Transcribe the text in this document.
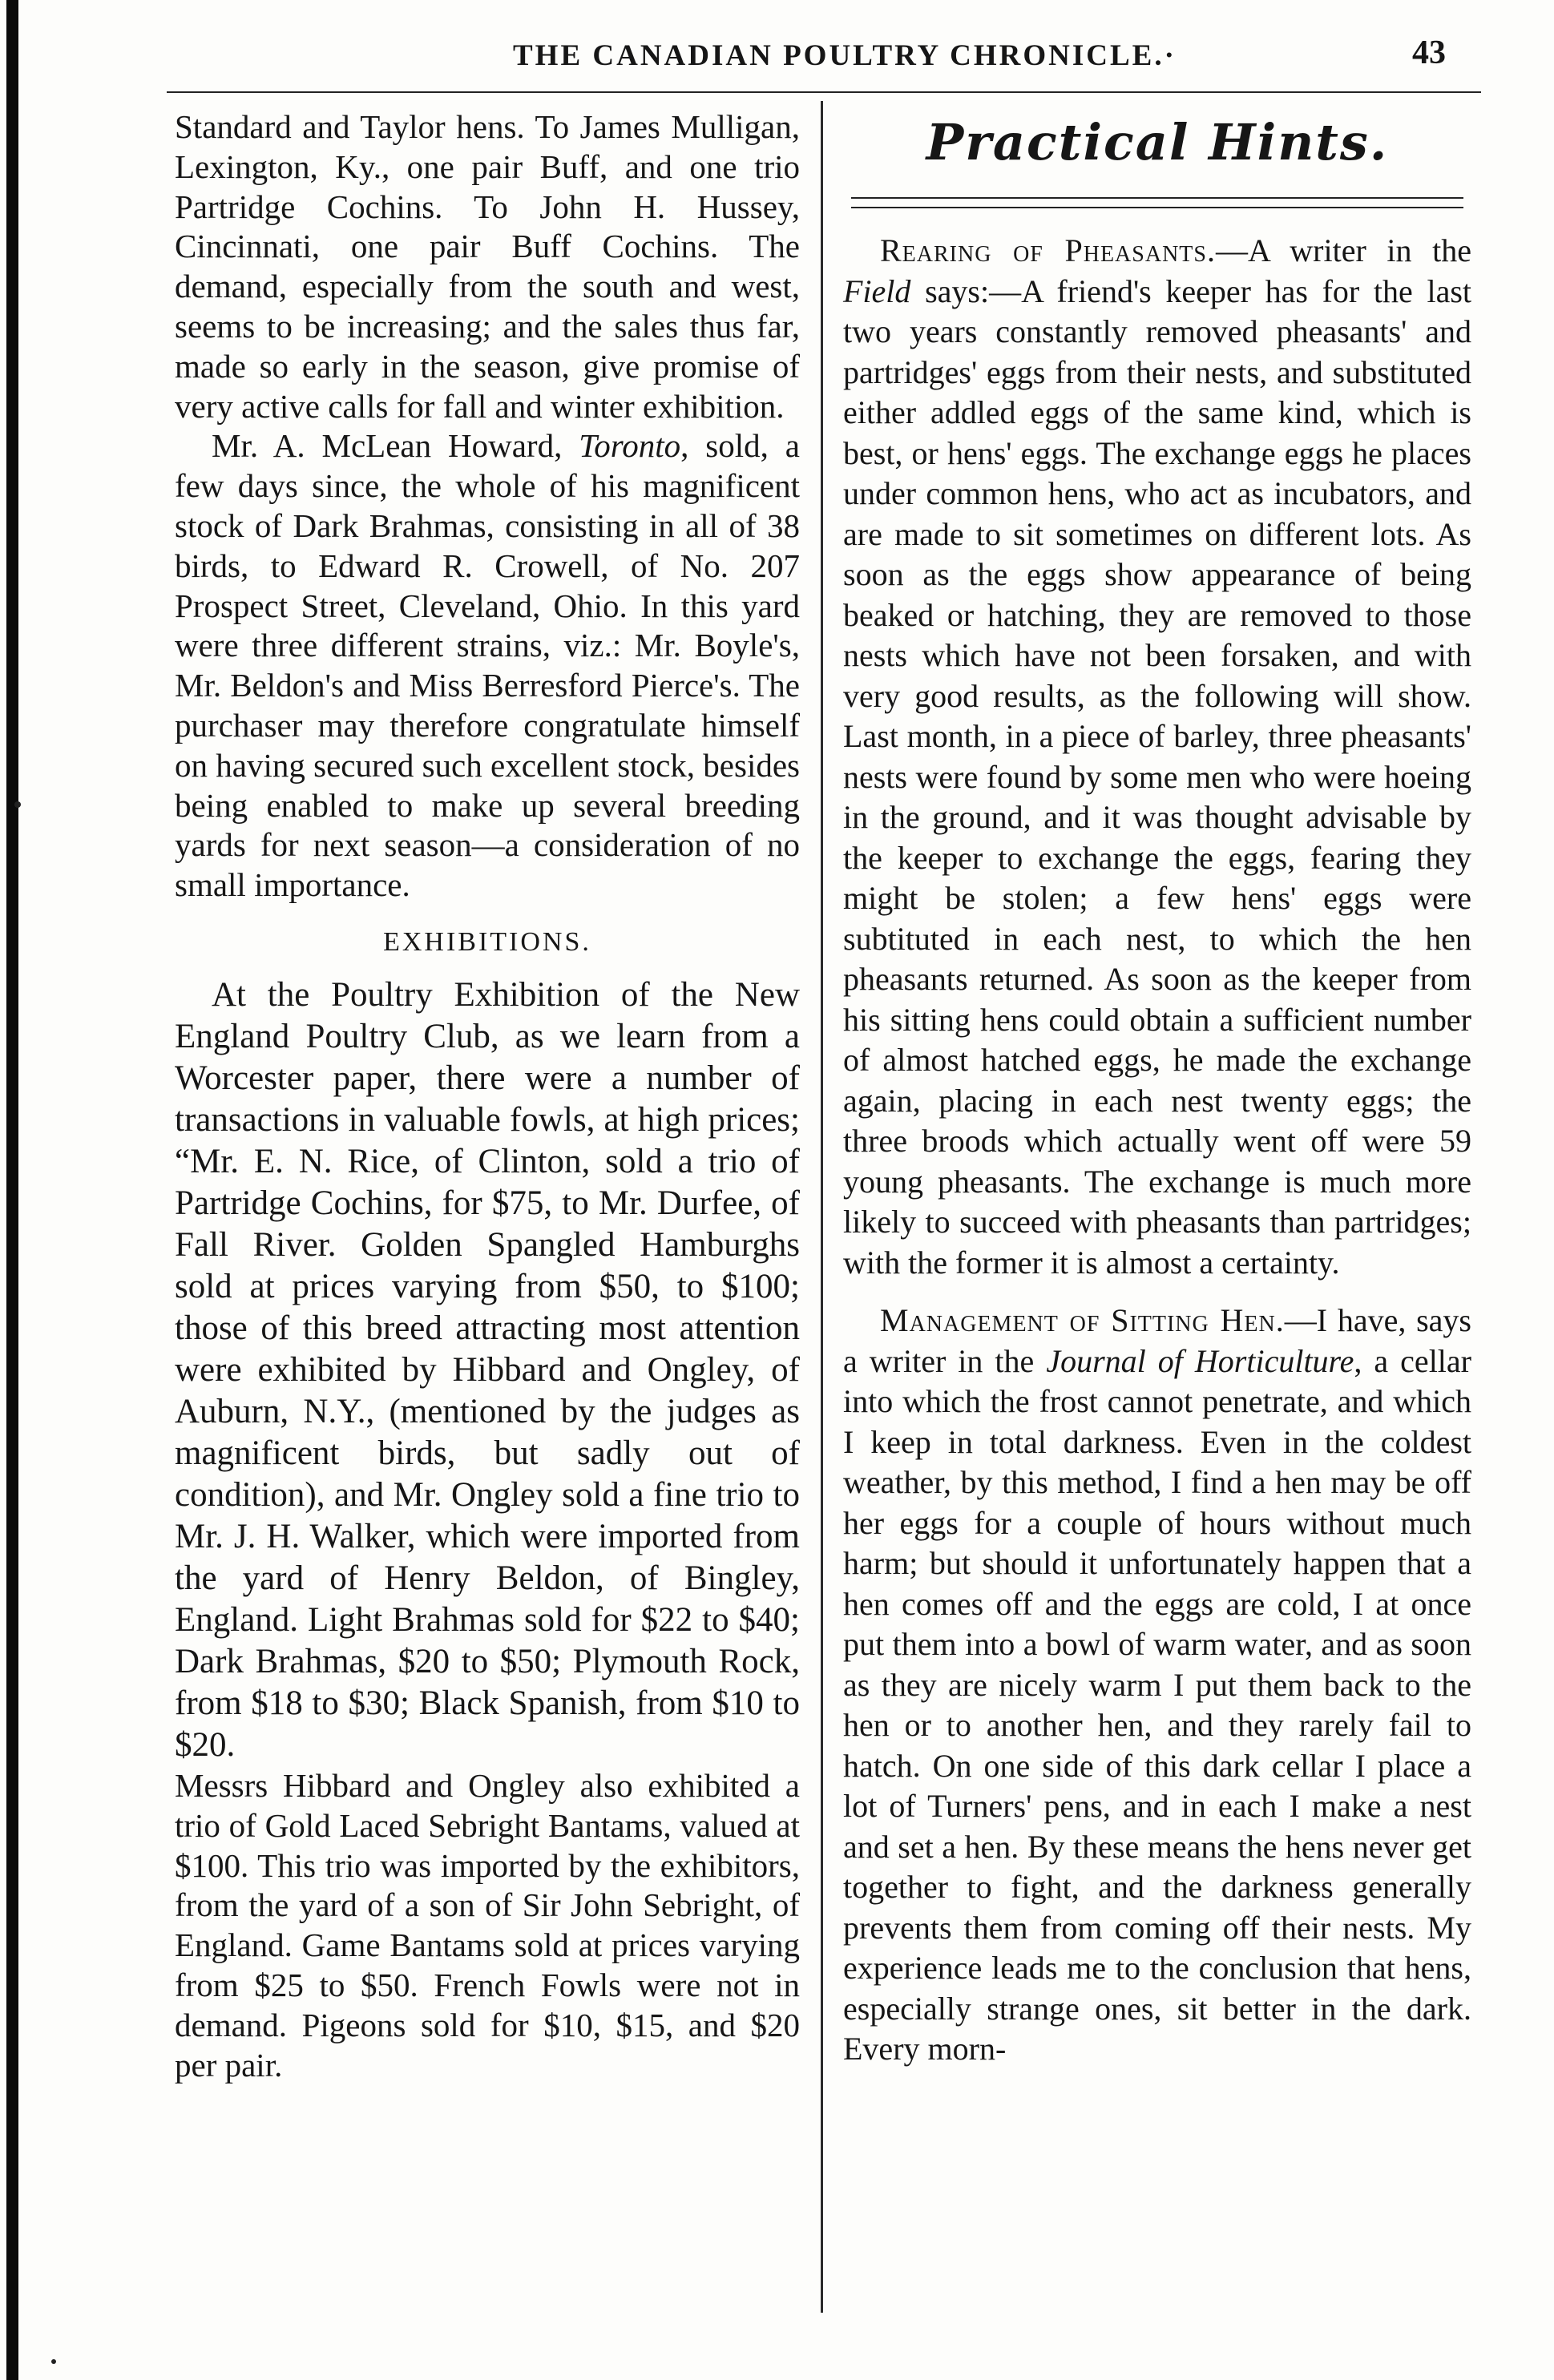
THE CANADIAN POULTRY CHRONICLE.·	43

Standard and Taylor hens. To James Mulligan, Lexington, Ky., one pair Buff, and one trio Partridge Cochins. To John H. Hussey, Cincinnati, one pair Buff Cochins. The demand, especially from the south and west, seems to be increasing; and the sales thus far, made so early in the season, give promise of very active calls for fall and winter exhibition.

Mr. A. McLean Howard, Toronto, sold, a few days since, the whole of his magnificent stock of Dark Brahmas, consisting in all of 38 birds, to Edward R. Crowell, of No. 207 Prospect Street, Cleveland, Ohio. In this yard were three different strains, viz.: Mr. Boyle's, Mr. Beldon's and Miss Berresford Pierce's. The purchaser may therefore congratulate himself on having secured such excellent stock, besides being enabled to make up several breeding yards for next season—a consideration of no small importance.

EXHIBITIONS.

At the Poultry Exhibition of the New England Poultry Club, as we learn from a Worcester paper, there were a number of transactions in valuable fowls, at high prices; “Mr. E. N. Rice, of Clinton, sold a trio of Partridge Cochins, for $75, to Mr. Durfee, of Fall River. Golden Spangled Hamburghs sold at prices varying from $50, to $100; those of this breed attracting most attention were exhibited by Hibbard and Ongley, of Auburn, N.Y., (mentioned by the judges as magnificent birds, but sadly out of condition), and Mr. Ongley sold a fine trio to Mr. J. H. Walker, which were imported from the yard of Henry Beldon, of Bingley, England. Light Brahmas sold for $22 to $40; Dark Brahmas, $20 to $50; Plymouth Rock, from $18 to $30; Black Spanish, from $10 to $20.

Messrs Hibbard and Ongley also exhibited a trio of Gold Laced Sebright Bantams, valued at $100. This trio was imported by the exhibitors, from the yard of a son of Sir John Sebright, of England. Game Bantams sold at prices varying from $25 to $50. French Fowls were not in demand. Pigeons sold for $10, $15, and $20 per pair.

Practical Hints.

Rearing of Pheasants.—A writer in the Field says:—A friend's keeper has for the last two years constantly removed pheasants' and partridges' eggs from their nests, and substituted either addled eggs of the same kind, which is best, or hens' eggs. The exchange eggs he places under common hens, who act as incubators, and are made to sit sometimes on different lots. As soon as the eggs show appearance of being beaked or hatching, they are removed to those nests which have not been forsaken, and with very good results, as the following will show. Last month, in a piece of barley, three pheasants' nests were found by some men who were hoeing in the ground, and it was thought advisable by the keeper to exchange the eggs, fearing they might be stolen; a few hens' eggs were subtituted in each nest, to which the hen pheasants returned. As soon as the keeper from his sitting hens could obtain a sufficient number of almost hatched eggs, he made the exchange again, placing in each nest twenty eggs; the three broods which actually went off were 59 young pheasants. The exchange is much more likely to succeed with pheasants than partridges; with the former it is almost a certainty.

Management of Sitting Hen.—I have, says a writer in the Journal of Horticulture, a cellar into which the frost cannot penetrate, and which I keep in total darkness. Even in the coldest weather, by this method, I find a hen may be off her eggs for a couple of hours without much harm; but should it unfortunately happen that a hen comes off and the eggs are cold, I at once put them into a bowl of warm water, and as soon as they are nicely warm I put them back to the hen or to another hen, and they rarely fail to hatch. On one side of this dark cellar I place a lot of Turners' pens, and in each I make a nest and set a hen. By these means the hens never get together to fight, and the darkness generally prevents them from coming off their nests. My experience leads me to the conclusion that hens, especially strange ones, sit better in the dark. Every morn-
